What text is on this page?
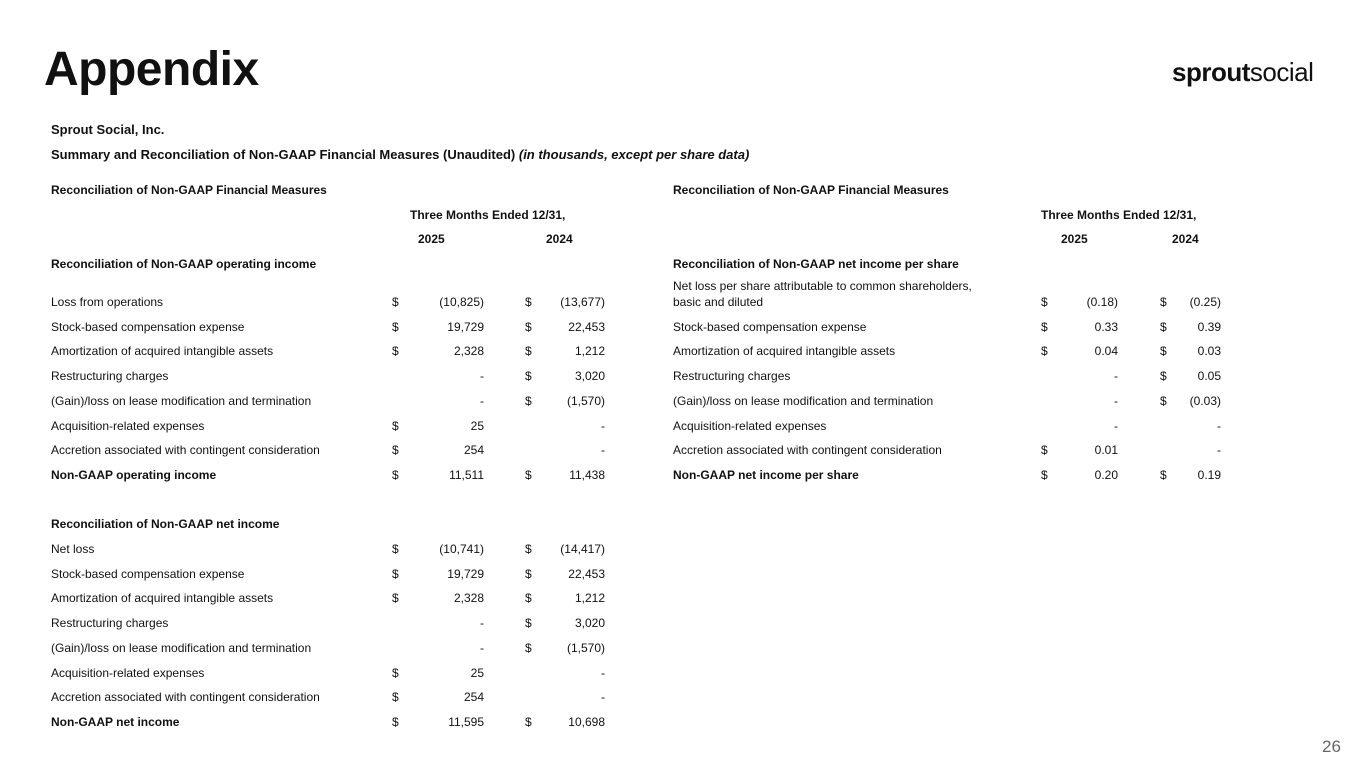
Appendix	sproutsocial
Sprout Social, Inc.
Summary and Reconciliation of Non-GAAP Financial Measures (Unaudited) (in thousands, except per share data)
Reconciliation of Non-GAAP Financial Measures
Three Months Ended 12/31,
2025	2024
Reconciliation of Non-GAAP operating income
Loss from operations	$	(10,825)	$ (13,677)
Stock-based compensation expense	$	19,729	$	22,453
Amortization of acquired intangible assets	$	2,328	$	1,212
Restructuring charges	-	$	3,020
(Gain)/loss on lease modification and termination	-	$	(1,570)
Acquisition-related expenses	$	25	-
Accretion associated with contingent consideration	$	254	-
Non-GAAP operating income	$	11,511	$	11,438
Reconciliation of Non-GAAP net income
Net loss	$	(10,741)	$ (14,417)
Stock-based compensation expense	$	19,729	$	22,453
Amortization of acquired intangible assets	$	2,328	$	1,212
Restructuring charges	-	$	3,020
(Gain)/loss on lease modification and termination	-	$	(1,570)
Acquisition-related expenses	$	25	-
Accretion associated with contingent consideration	$	254	-
Non-GAAP net income	$	11,595	$	10,698
Reconciliation of Non-GAAP Financial Measures
Three Months Ended 12/31,
2025	2024
Reconciliation of Non-GAAP net income per share
Net loss per share attributable to common shareholders,
basic and diluted	$	(0.18)	$ (0.25)
Stock-based compensation expense	$	0.33	$	0.39
Amortization of acquired intangible assets	$	0.04	$	0.03
Restructuring charges	-	$	0.05
(Gain)/loss on lease modification and termination	-	$ (0.03)
Acquisition-related expenses	-	-
Accretion associated with contingent consideration	$	0.01	-
Non-GAAP net income per share	$	0.20	$	0.19
26
